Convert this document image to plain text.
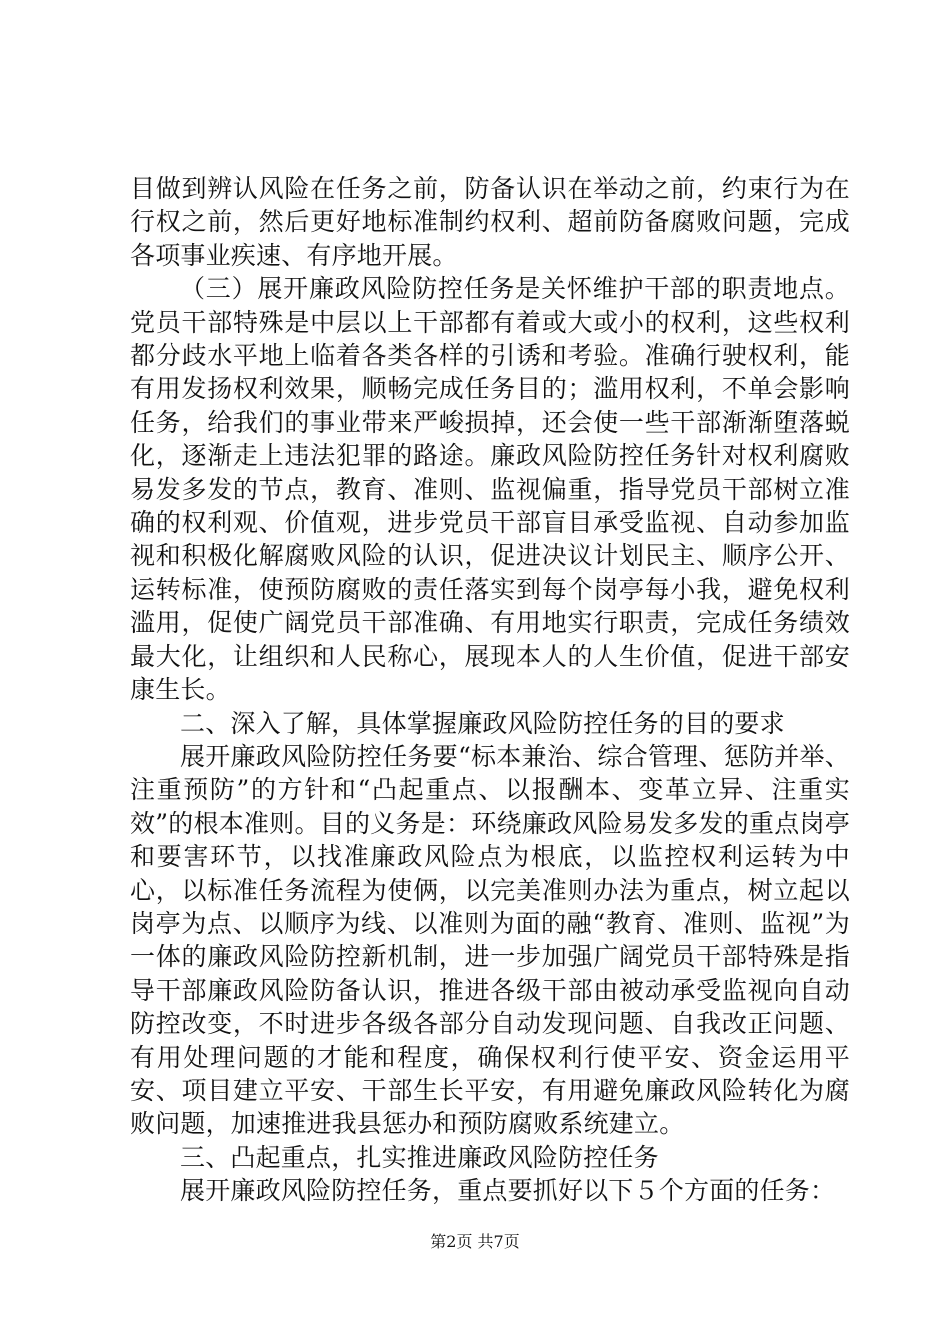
目做到辨认风险在任务之前，防备认识在举动之前，约束行为在行权之前，然后更好地标准制约权利、超前防备腐败问题，完成各项事业疾速、有序地开展。

（三）展开廉政风险防控任务是关怀维护干部的职责地点。党员干部特殊是中层以上干部都有着或大或小的权利，这些权利都分歧水平地上临着各类各样的引诱和考验。准确行驶权利，能有用发扬权利效果，顺畅完成任务目的；滥用权利，不单会影响任务，给我们的事业带来严峻损掉，还会使一些干部渐渐堕落蜕化，逐渐走上违法犯罪的路途。廉政风险防控任务针对权利腐败易发多发的节点，教育、准则、监视偏重，指导党员干部树立准确的权利观、价值观，进步党员干部盲目承受监视、自动参加监视和积极化解腐败风险的认识，促进决议计划民主、顺序公开、运转标准，使预防腐败的责任落实到每个岗亭每小我，避免权利滥用，促使广阔党员干部准确、有用地实行职责，完成任务绩效最大化，让组织和人民称心，展现本人的人生价值，促进干部安康生长。

二、深入了解，具体掌握廉政风险防控任务的目的要求

展开廉政风险防控任务要“标本兼治、综合管理、惩防并举、注重预防”的方针和“凸起重点、以报酬本、变革立异、注重实效”的根本准则。目的义务是：环绕廉政风险易发多发的重点岗亭和要害环节，以找准廉政风险点为根底，以监控权利运转为中心，以标准任务流程为使俩，以完美准则办法为重点，树立起以岗亭为点、以顺序为线、以准则为面的融“教育、准则、监视”为一体的廉政风险防控新机制，进一步加强广阔党员干部特殊是指导干部廉政风险防备认识，推进各级干部由被动承受监视向自动防控改变，不时进步各级各部分自动发现问题、自我改正问题、有用处理问题的才能和程度，确保权利行使平安、资金运用平安、项目建立平安、干部生长平安，有用避免廉政风险转化为腐败问题，加速推进我县惩办和预防腐败系统建立。

三、凸起重点，扎实推进廉政风险防控任务

展开廉政风险防控任务，重点要抓好以下５个方面的任务：

第2页 共7页
